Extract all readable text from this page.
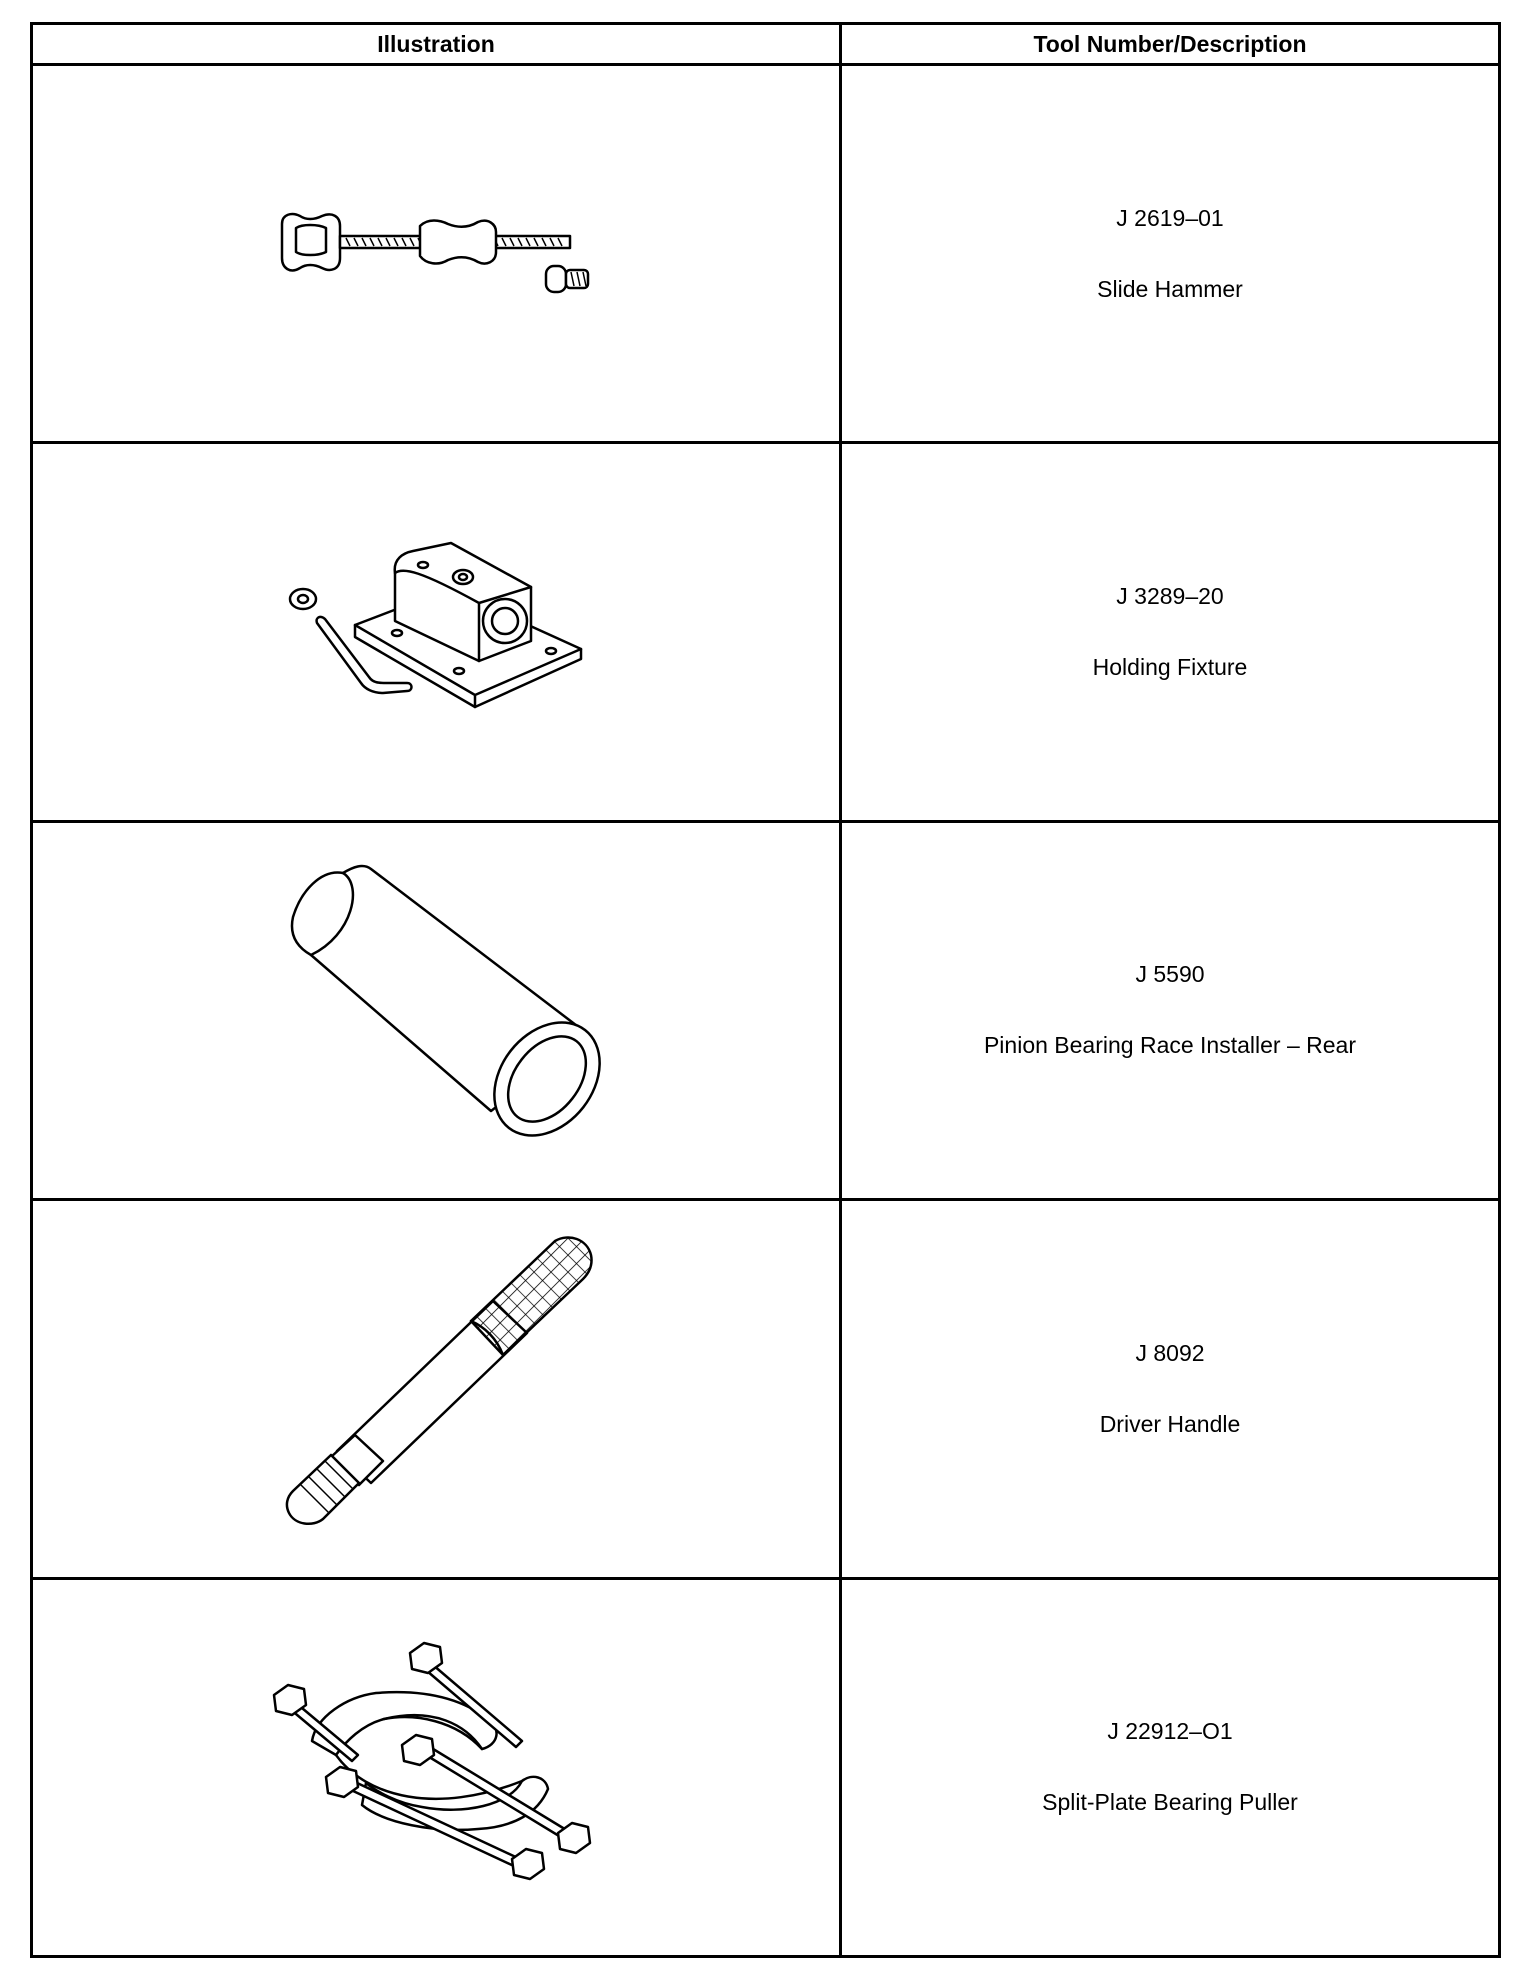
Illustration	Tool Number/Description

J 2619–01
Slide Hammer

J 3289–20
Holding Fixture

J 5590
Pinion Bearing Race Installer – Rear

J 8092
Driver Handle

J 22912–O1
Split-Plate Bearing Puller
